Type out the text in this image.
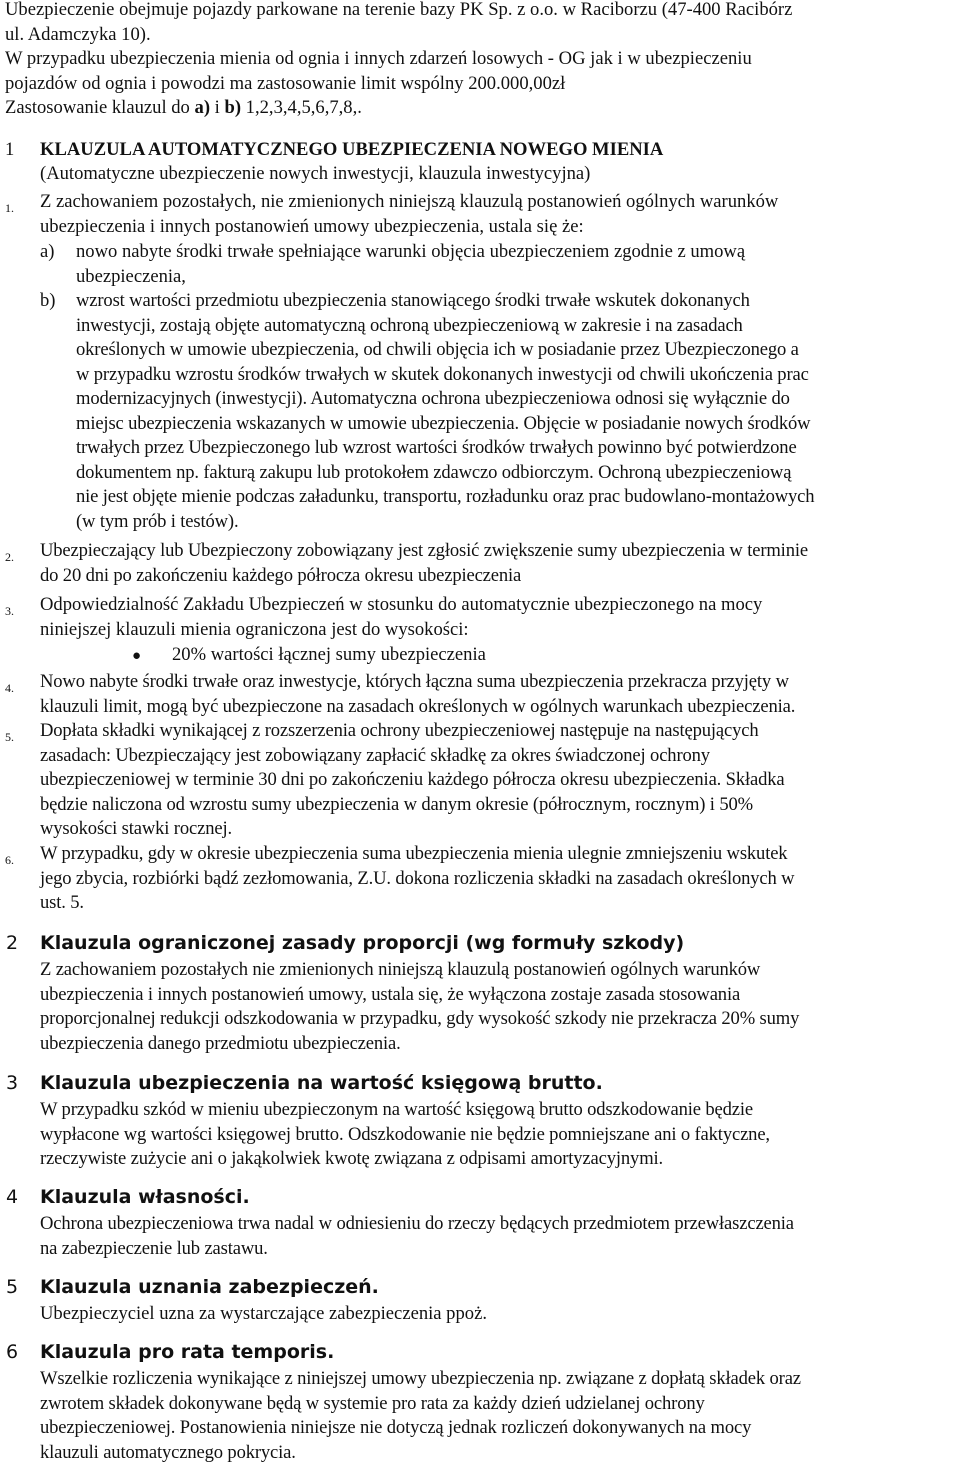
Ubezpieczenie obejmuje pojazdy parkowane na terenie bazy PK Sp. z o.o. w Raciborzu (47-400 Racibórz
ul. Adamczyka 10).
W przypadku ubezpieczenia mienia od ognia i innych zdarzeń losowych - OG jak i w ubezpieczeniu
pojazdów od ognia i powodzi ma zastosowanie limit wspólny 200.000,00zł
Zastosowanie klauzul do a) i b) 1,2,3,4,5,6,7,8,.
1 KLAUZULA AUTOMATYCZNEGO UBEZPIECZENIA NOWEGO MIENIA
(Automatyczne ubezpieczenie nowych inwestycji, klauzula inwestycyjna)
1. Z zachowaniem pozostałych, nie zmienionych niniejszą klauzulą postanowień ogólnych warunków
ubezpieczenia i innych postanowień umowy ubezpieczenia, ustala się że:
a) nowo nabyte środki trwałe spełniające warunki objęcia ubezpieczeniem zgodnie z umową
ubezpieczenia,
b) wzrost wartości przedmiotu ubezpieczenia stanowiącego środki trwałe wskutek dokonanych
inwestycji, zostają objęte automatyczną ochroną ubezpieczeniową w zakresie i na zasadach
określonych w umowie ubezpieczenia, od chwili objęcia ich w posiadanie przez Ubezpieczonego a
w przypadku wzrostu środków trwałych w skutek dokonanych inwestycji od chwili ukończenia prac
modernizacyjnych (inwestycji). Automatyczna ochrona ubezpieczeniowa odnosi się wyłącznie do
miejsc ubezpieczenia wskazanych w umowie ubezpieczenia. Objęcie w posiadanie nowych środków
trwałych przez Ubezpieczonego lub wzrost wartości środków trwałych powinno być potwierdzone
dokumentem np. fakturą zakupu lub protokołem zdawczo odbiorczym. Ochroną ubezpieczeniową
nie jest objęte mienie podczas załadunku, transportu, rozładunku oraz prac budowlano-montażowych
(w tym prób i testów).
2. Ubezpieczający lub Ubezpieczony zobowiązany jest zgłosić zwiększenie sumy ubezpieczenia w terminie
do 20 dni po zakończeniu każdego półrocza okresu ubezpieczenia
3. Odpowiedzialność Zakładu Ubezpieczeń w stosunku do automatycznie ubezpieczonego na mocy
niniejszej klauzuli mienia ograniczona jest do wysokości:
● 20% wartości łącznej sumy ubezpieczenia
4. Nowo nabyte środki trwałe oraz inwestycje, których łączna suma ubezpieczenia przekracza przyjęty w
klauzuli limit, mogą być ubezpieczone na zasadach określonych w ogólnych warunkach ubezpieczenia.
5. Dopłata składki wynikającej z rozszerzenia ochrony ubezpieczeniowej następuje na następujących
zasadach: Ubezpieczający jest zobowiązany zapłacić składkę za okres świadczonej ochrony
ubezpieczeniowej w terminie 30 dni po zakończeniu każdego półrocza okresu ubezpieczenia. Składka
będzie naliczona od wzrostu sumy ubezpieczenia w danym okresie (półrocznym, rocznym) i 50%
wysokości stawki rocznej.
6. W przypadku, gdy w okresie ubezpieczenia suma ubezpieczenia mienia ulegnie zmniejszeniu wskutek
jego zbycia, rozbiórki bądź zezłomowania, Z.U. dokona rozliczenia składki na zasadach określonych w
ust. 5.
2 Klauzula ograniczonej zasady proporcji (wg formuły szkody)
Z zachowaniem pozostałych nie zmienionych niniejszą klauzulą postanowień ogólnych warunków
ubezpieczenia i innych postanowień umowy, ustala się, że wyłączona zostaje zasada stosowania
proporcjonalnej redukcji odszkodowania w przypadku, gdy wysokość szkody nie przekracza 20% sumy
ubezpieczenia danego przedmiotu ubezpieczenia.
3 Klauzula ubezpieczenia na wartość księgową brutto.
W przypadku szkód w mieniu ubezpieczonym na wartość księgową brutto odszkodowanie będzie
wypłacone wg wartości księgowej brutto. Odszkodowanie nie będzie pomniejszane ani o faktyczne,
rzeczywiste zużycie ani o jakąkolwiek kwotę związana z odpisami amortyzacyjnymi.
4 Klauzula własności.
Ochrona ubezpieczeniowa trwa nadal w odniesieniu do rzeczy będących przedmiotem przewłaszczenia
na zabezpieczenie lub zastawu.
5 Klauzula uznania zabezpieczeń.
Ubezpieczyciel uzna za wystarczające zabezpieczenia ppoż.
6 Klauzula pro rata temporis.
Wszelkie rozliczenia wynikające z niniejszej umowy ubezpieczenia np. związane z dopłatą składek oraz
zwrotem składek dokonywane będą w systemie pro rata za każdy dzień udzielanej ochrony
ubezpieczeniowej. Postanowienia niniejsze nie dotyczą jednak rozliczeń dokonywanych na mocy
klauzuli automatycznego pokrycia.
